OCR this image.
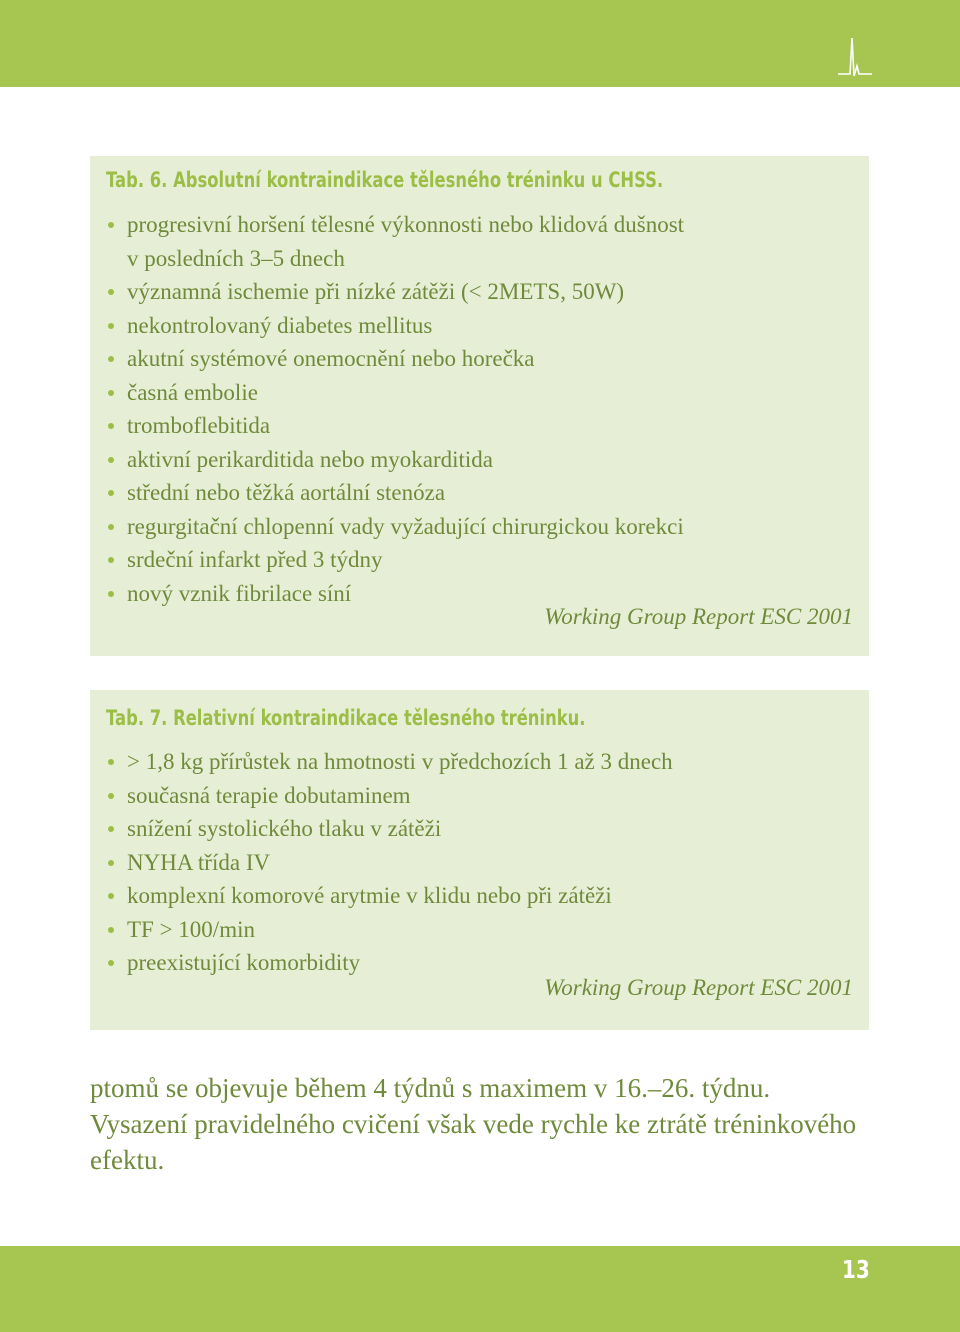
Tab. 6. Absolutní kontraindikace tělesného tréninku u CHSS.
progresivní horšení tělesné výkonnosti nebo klidová dušnost
v posledních 3–5 dnech
významná ischemie při nízké zátěži (< 2METS, 50W)
nekontrolovaný diabetes mellitus
akutní systémové onemocnění nebo horečka
časná embolie
tromboflebitida
aktivní perikarditida nebo myokarditida
střední nebo těžká aortální stenóza
regurgitační chlopenní vady vyžadující chirurgickou korekci
srdeční infarkt před 3 týdny
nový vznik fibrilace síní
Working Group Report ESC 2001
Tab. 7. Relativní kontraindikace tělesného tréninku.
> 1,8 kg přírůstek na hmotnosti v předchozích 1 až 3 dnech
současná terapie dobutaminem
snížení systolického tlaku v zátěži
NYHA třída IV
komplexní komorové arytmie v klidu nebo při zátěži
TF > 100/min
preexistující komorbidity
Working Group Report ESC 2001
ptomů se objevuje během 4 týdnů s maximem v 16.–26. týdnu. Vysazení pravidelného cvičení však vede rychle ke ztrátě tréninkového efektu.
13
